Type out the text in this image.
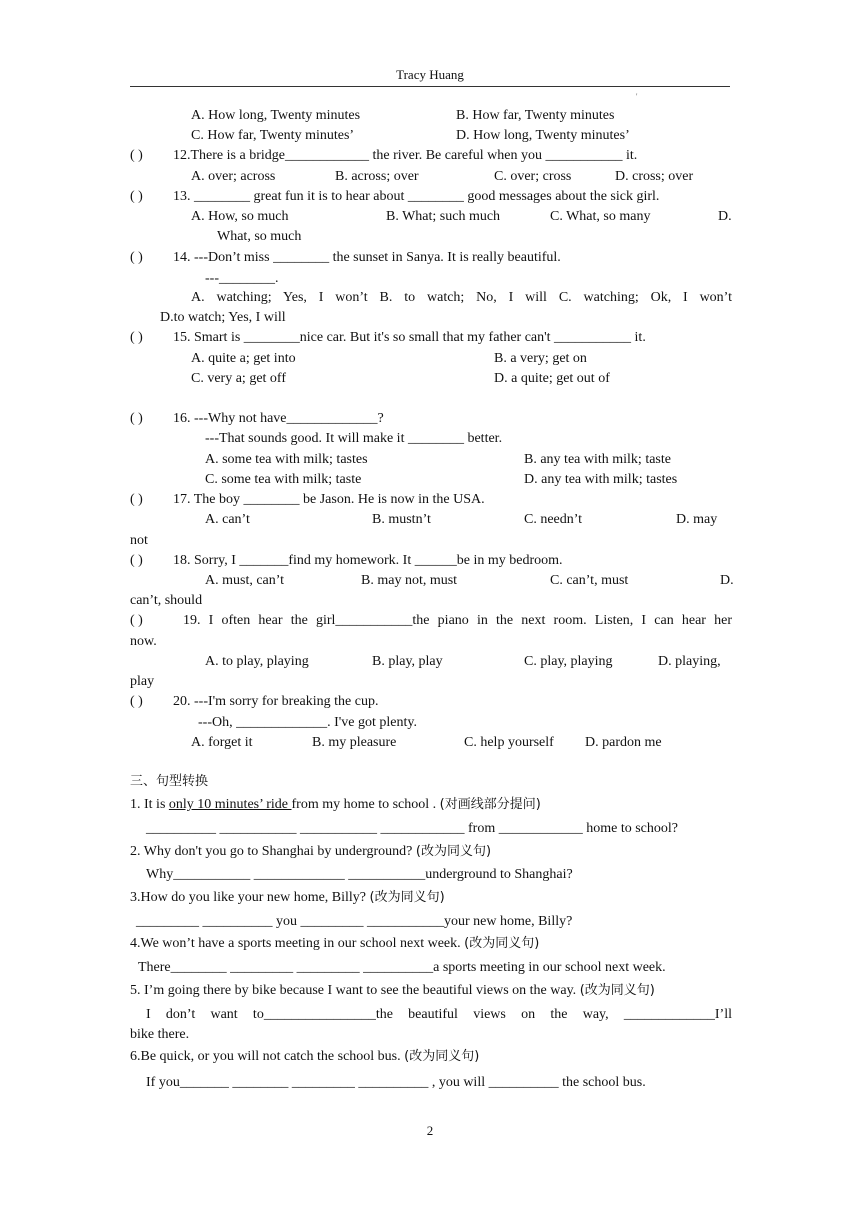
Tracy Huang
'
A. How long, Twenty minutes	B. How far, Twenty minutes
C. How far, Twenty minutes’	D. How long, Twenty minutes’
( ) 12.There is a bridge____________ the river. Be careful when you ___________ it.
A. over; across	B. across; over	C. over; cross	D. cross; over
( ) 13. ________ great fun it is to hear about ________ good messages about the sick girl.
A. How, so much	B. What; such much	C. What, so many	D.
What, so much
( ) 14. ---Don’t miss ________ the sunset in Sanya. It is really beautiful.
---________.
A. watching; Yes, I won’t B. to watch; No, I will C. watching; Ok, I won’t
D.to watch; Yes, I will
( ) 15. Smart is ________nice car. But it's so small that my father can't ___________ it.
A. quite a; get into	B. a very; get on
C. very a; get off	D. a quite; get out of
( ) 16. ---Why not have_____________?
---That sounds good. It will make it ________ better.
A. some tea with milk; tastes	B. any tea with milk; taste
C. some tea with milk; taste	D. any tea with milk; tastes
( ) 17. The boy ________ be Jason. He is now in the USA.
A. can’t	B. mustn’t	C. needn’t	D. may
not
( ) 18. Sorry, I _______find my homework. It ______be in my bedroom.
A. must, can’t	B. may not, must	C. can’t, must	D.
can’t, should
( )	19. I often hear the girl___________the piano in the next room. Listen, I can hear her
now.
A. to play, playing	B. play, play	C. play, playing	D. playing,
play
( ) 20. ---I'm sorry for breaking the cup.
---Oh, _____________. I've got plenty.
A. forget it	B. my pleasure	C. help yourself D. pardon me
三、句型转换
1. It is only 10 minutes’ ride from my home to school . (对画线部分提问)
__________ ___________ ___________ ____________ from ____________ home to school?
2. Why don't you go to Shanghai by underground? (改为同义句)
Why___________ _____________ ___________underground to Shanghai?
3.How do you like your new home, Billy? (改为同义句)
_________ __________ you _________ ___________your new home, Billy?
4.We won’t have a sports meeting in our school next week. (改为同义句)
There________ _________ _________ __________a sports meeting in our school next week.
5. I’m going there by bike because I want to see the beautiful views on the way. (改为同义句)
I don’t want to________________the beautiful views on the way, _____________I’ll
bike there.
6.Be quick, or you will not catch the school bus. (改为同义句)
If you_______ ________ _________ __________ , you will __________ the school bus.
2
